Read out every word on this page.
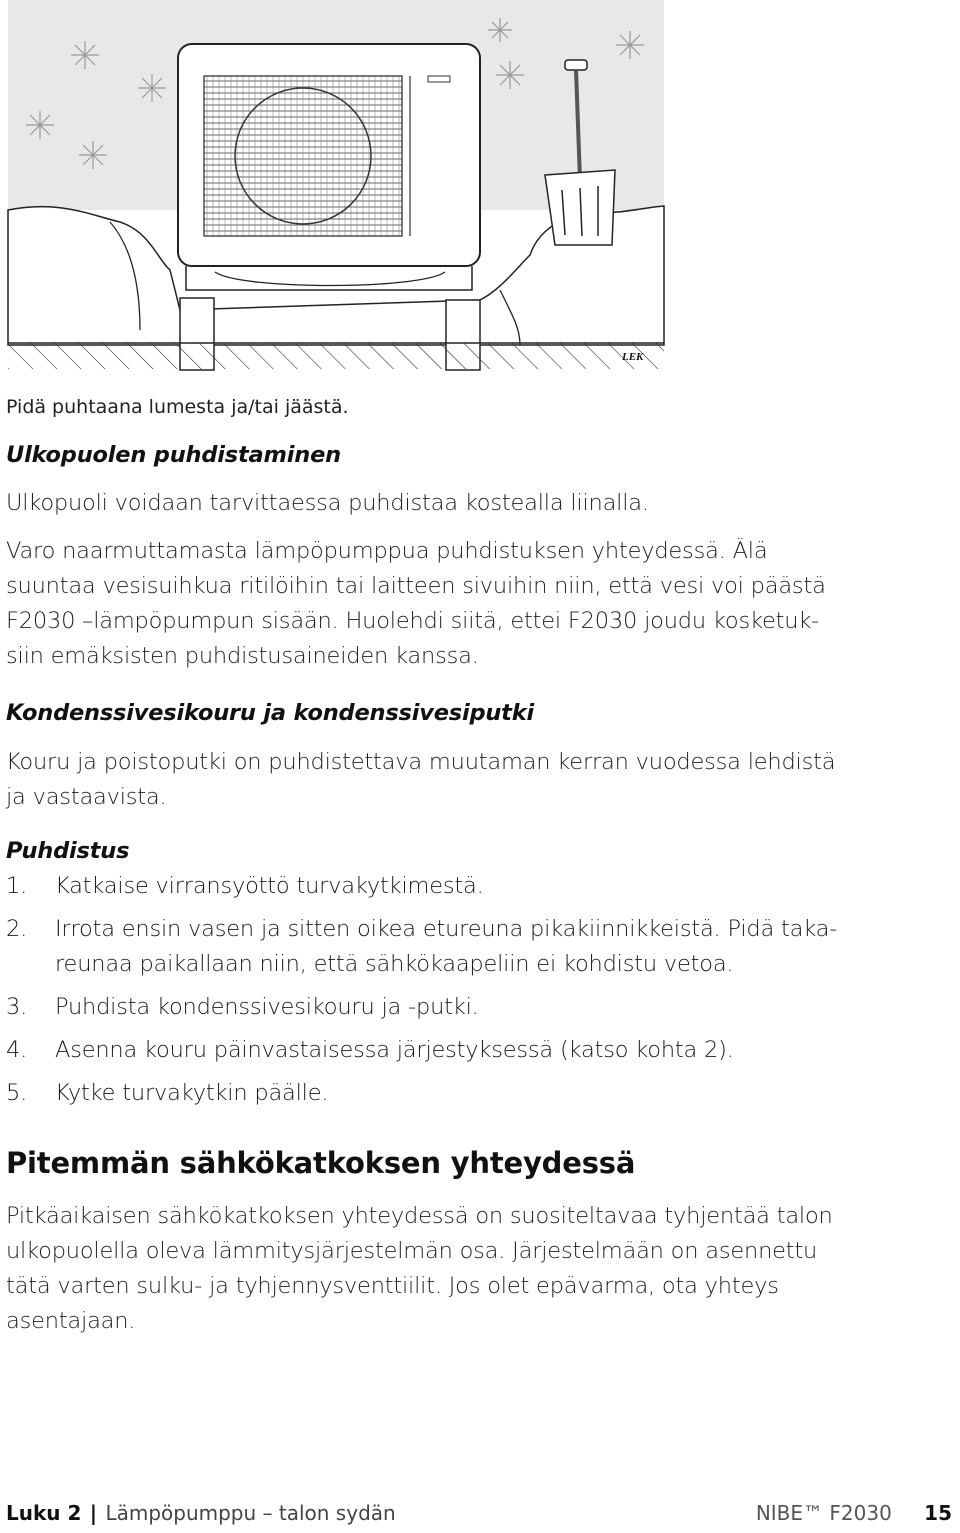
LEK
Pidä puhtaana lumesta ja/tai jäästä.
Ulkopuolen puhdistaminen
Ulkopuoli voidaan tarvittaessa puhdistaa kostealla liinalla.
Varo naarmuttamasta lämpöpumppua puhdistuksen yhteydessä. Älä
suuntaa vesisuihkua ritilöihin tai laitteen sivuihin niin, että vesi voi päästä
F2030 –lämpöpumpun sisään. Huolehdi siitä, ettei F2030 joudu kosketuk-
siin emäksisten puhdistusaineiden kanssa.
Kondenssivesikouru ja kondenssivesiputki
Kouru ja poistoputki on puhdistettava muutaman kerran vuodessa lehdistä
ja vastaavista.
Puhdistus
1. Katkaise virransyöttö turvakytkimestä.
2. Irrota ensin vasen ja sitten oikea etureuna pikakiinnikkeistä. Pidä taka-
reunaa paikallaan niin, että sähkökaapeliin ei kohdistu vetoa.
3. Puhdista kondenssivesikouru ja -putki.
4. Asenna kouru päinvastaisessa järjestyksessä (katso kohta 2).
5. Kytke turvakytkin päälle.
Pitemmän sähkökatkoksen yhteydessä
Pitkäaikaisen sähkökatkoksen yhteydessä on suositeltavaa tyhjentää talon
ulkopuolella oleva lämmitysjärjestelmän osa. Järjestelmään on asennettu
tätä varten sulku- ja tyhjennysventtiilit. Jos olet epävarma, ota yhteys
asentajaan.
Luku 2 | Lämpöpumppu – talon sydän	NIBE™ F2030 15
